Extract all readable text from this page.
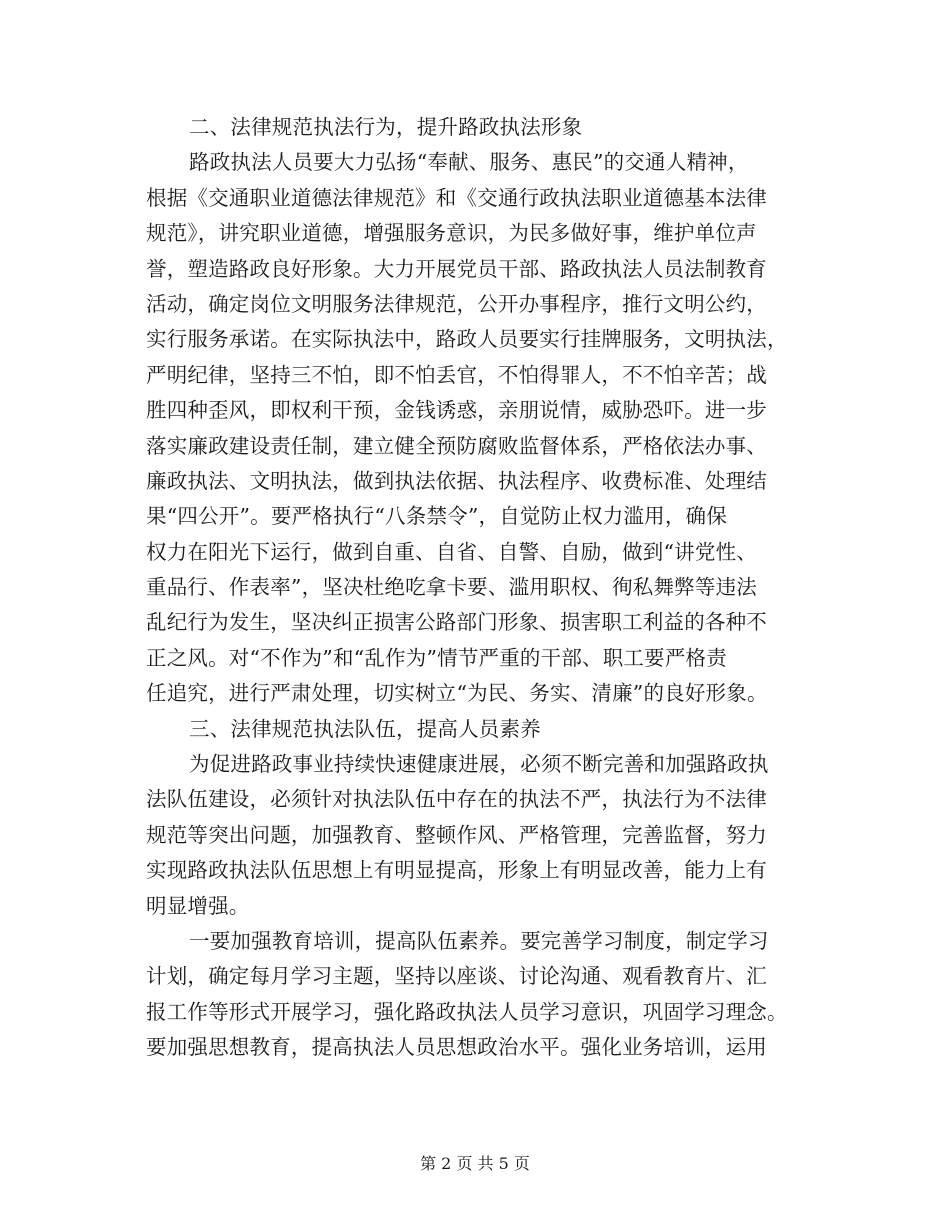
二、法律规范执法行为，提升路政执法形象
路政执法人员要大力弘扬“奉献、服务、惠民”的交通人精神，
根据《交通职业道德法律规范》和《交通行政执法职业道德基本法律
规范》，讲究职业道德，增强服务意识，为民多做好事，维护单位声
誉，塑造路政良好形象。大力开展党员干部、路政执法人员法制教育
活动，确定岗位文明服务法律规范，公开办事程序，推行文明公约，
实行服务承诺。在实际执法中，路政人员要实行挂牌服务，文明执法，
严明纪律，坚持三不怕，即不怕丢官，不怕得罪人，不不怕辛苦；战
胜四种歪风，即权利干预，金钱诱惑，亲朋说情，威胁恐吓。进一步
落实廉政建设责任制，建立健全预防腐败监督体系，严格依法办事、
廉政执法、文明执法，做到执法依据、执法程序、收费标准、处理结
果“四公开”。要严格执行“八条禁令”，自觉防止权力滥用，确保
权力在阳光下运行，做到自重、自省、自警、自励，做到“讲党性、
重品行、作表率”，坚决杜绝吃拿卡要、滥用职权、徇私舞弊等违法
乱纪行为发生，坚决纠正损害公路部门形象、损害职工利益的各种不
正之风。对“不作为”和“乱作为”情节严重的干部、职工要严格责
任追究，进行严肃处理，切实树立“为民、务实、清廉”的良好形象。
三、法律规范执法队伍，提高人员素养
为促进路政事业持续快速健康进展，必须不断完善和加强路政执
法队伍建设，必须针对执法队伍中存在的执法不严，执法行为不法律
规范等突出问题，加强教育、整顿作风、严格管理，完善监督，努力
实现路政执法队伍思想上有明显提高，形象上有明显改善，能力上有
明显增强。
一要加强教育培训，提高队伍素养。要完善学习制度，制定学习
计划，确定每月学习主题，坚持以座谈、讨论沟通、观看教育片、汇
报工作等形式开展学习，强化路政执法人员学习意识，巩固学习理念。
要加强思想教育，提高执法人员思想政治水平。强化业务培训，运用
第 2 页 共 5 页
